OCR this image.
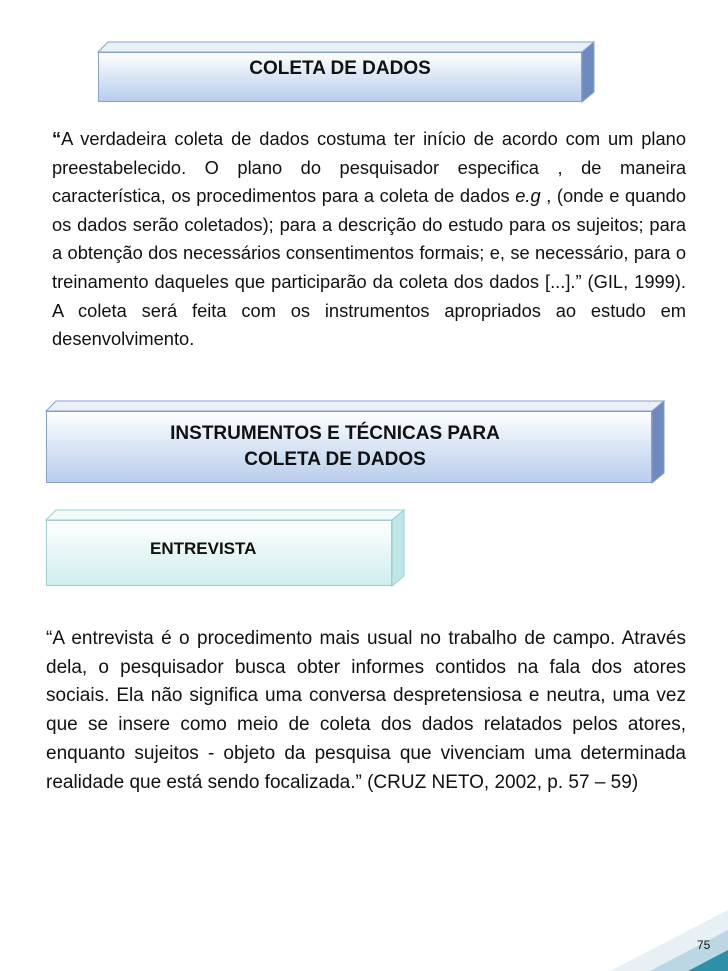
COLETA DE DADOS

“A verdadeira coleta de dados costuma ter início de acordo com um plano preestabelecido. O plano do pesquisador especifica , de maneira característica, os procedimentos para a coleta de dados e.g , (onde e quando os dados serão coletados); para a descrição do estudo para os sujeitos; para a obtenção dos necessários consentimentos formais; e, se necessário, para o treinamento daqueles que participarão da coleta dos dados [...].” (GIL, 1999). A coleta será feita com os instrumentos apropriados ao estudo em desenvolvimento.

INSTRUMENTOS E TÉCNICAS PARA
COLETA DE DADOS
ENTREVISTA

“A entrevista é o procedimento mais usual no trabalho de campo. Através dela, o pesquisador busca obter informes contidos na fala dos atores sociais. Ela não significa uma conversa despretensiosa e neutra, uma vez que se insere como meio de coleta dos dados relatados pelos atores, enquanto sujeitos - objeto da pesquisa que vivenciam uma determinada realidade que está sendo focalizada.” (CRUZ NETO, 2002, p. 57 – 59)

75
